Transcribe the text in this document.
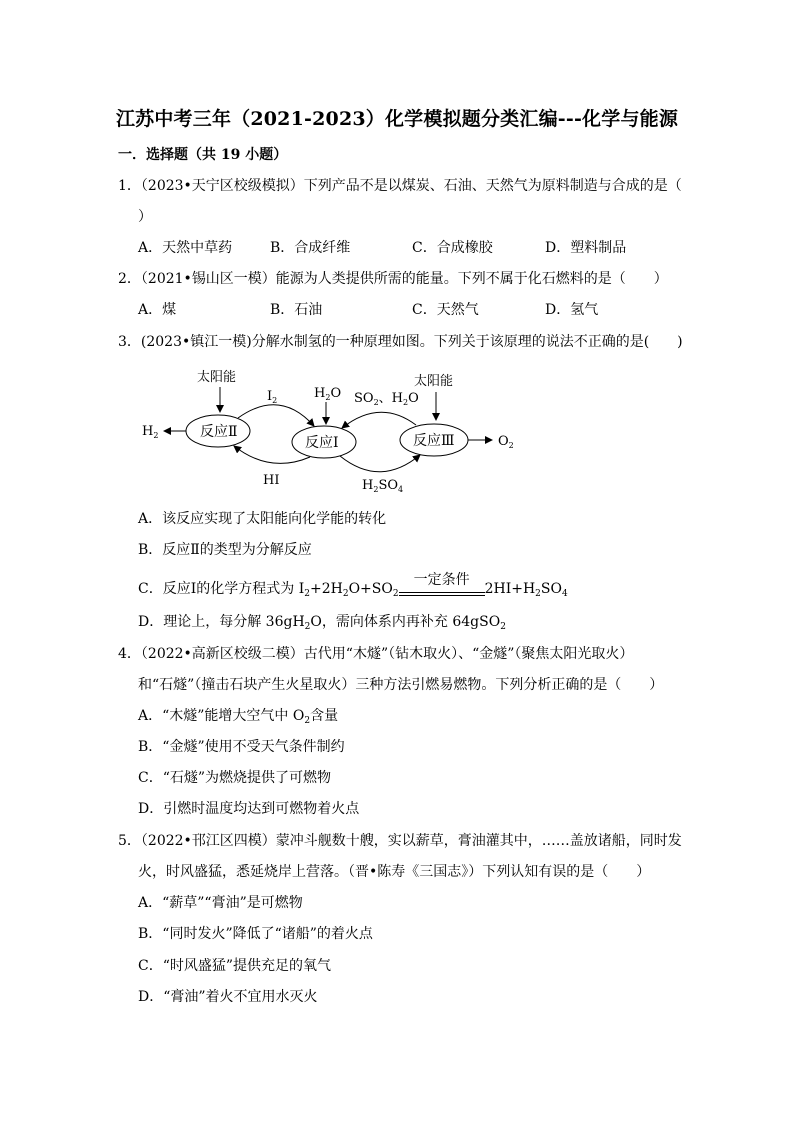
江苏中考三年（2021-2023）化学模拟题分类汇编---化学与能源
一．选择题（共 19 小题）
1．（2023•天宁区校级模拟）下列产品不是以煤炭、石油、天然气为原料制造与合成的是（
）
A．天然中草药	B．合成纤维	C．合成橡胶	D．塑料制品
2．（2021•锡山区一模）能源为人类提供所需的能量。下列不属于化石燃料的是（　　）
A．煤	B．石油	C．天然气	D．氢气
3．(2023•镇江一模)分解水制氢的一种原理如图。下列关于该原理的说法不正确的是(　　)
反应Ⅱ
反应Ⅰ	反应Ⅲ
太阳能	太阳能
$H_2$	$O_2$
$I_2$
HI
$H_2O$ $SO_2$、$H_2O$
$H_2SO_4$
A．该反应实现了太阳能向化学能的转化
B．反应Ⅱ的类型为分解反应
C．反应Ⅰ的化学方程式为 $I_2+2H_2O+SO_2$
一定条件
$2HI+H_2SO_4$
D．理论上，每分解 $36gH_2O$，需向体系内再补充 64gSO$_2$
4．（2022•高新区校级二模）古代用“木燧”（钻木取火）、“金燧”（聚焦太阳光取火）
和“石燧”（撞击石块产生火星取火）三种方法引燃易燃物。下列分析正确的是（　　）
A．“木燧”能增大空气中 $O_2$含量
B．“金燧”使用不受天气条件制约
C．“石燧”为燃烧提供了可燃物
D．引燃时温度均达到可燃物着火点
5．（2022•邗江区四模）蒙冲斗舰数十艘，实以薪草，膏油灌其中，……盖放诸船，同时发
火，时风盛猛，悉延烧岸上营落。（晋•陈寿《三国志》）下列认知有误的是（　　）
A．“薪草”“膏油”是可燃物
B．“同时发火”降低了“诸船”的着火点
C．“时风盛猛”提供充足的氧气
D．“膏油”着火不宜用水灭火
